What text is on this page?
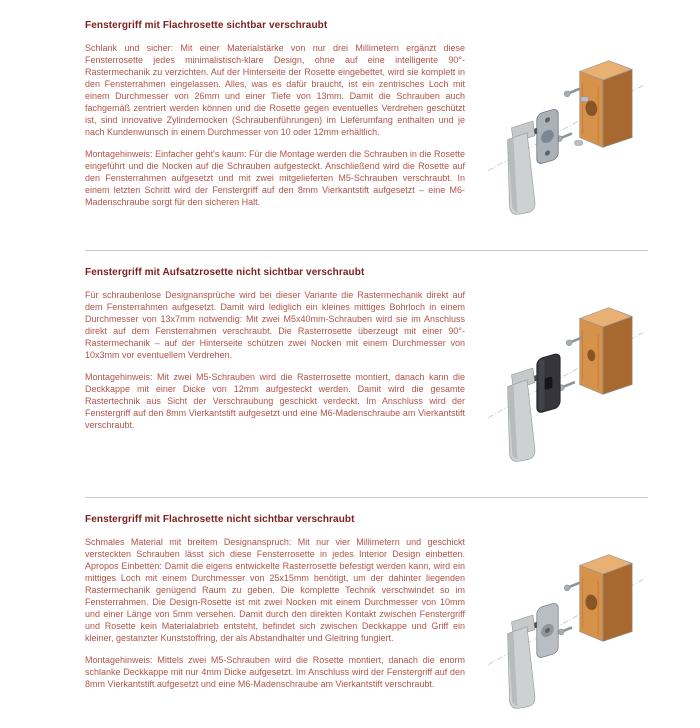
Fenstergriff mit Flachrosette sichtbar verschraubt

Schlank und sicher: Mit einer Materialstärke von nur drei Millimetern ergänzt diese Fensterrosette jedes minimalistisch-klare Design, ohne auf eine intelligente 90°-Rastermechanik zu verzichten. Auf der Hinterseite der Rosette eingebettet, wird sie komplett in den Fensterrahmen eingelassen. Alles, was es dafür braucht, ist ein zentrisches Loch mit einem Durchmesser von 26mm und einer Tiefe von 13mm. Damit die Schrauben auch fachgemäß zentriert werden können und die Rosette gegen eventuelles Verdrehen geschützt ist, sind innovative Zylindernocken (Schraubenführungen) im Lieferumfang enthalten und je nach Kundenwunsch in einem Durchmesser von 10 oder 12mm erhältlich.

Montagehinweis: Einfacher geht's kaum: Für die Montage werden die Schrauben in die Rosette eingeführt und die Nocken auf die Schrauben aufgesteckt. Anschließend wird die Rosette auf den Fensterrahmen aufgesetzt und mit zwei mitgelieferten M5-Schrauben verschraubt. In einem letzten Schritt wird der Fenstergriff auf den 8mm Vierkantstift aufgesetzt – eine M6-Madenschraube sorgt für den sicheren Halt.

Fenstergriff mit Aufsatzrosette nicht sichtbar verschraubt

Für schraubenlose Designansprüche wird bei dieser Variante die Rastermechanik direkt auf dem Fensterrahmen aufgesetzt. Damit wird lediglich ein kleines mittiges Bohrloch in einem Durchmesser von 13x7mm notwendig: Mit zwei M5x40mm-Schrauben wird sie im Anschluss direkt auf dem Fensterrahmen verschraubt. Die Rasterrosette überzeugt mit einer 90°-Rastermechanik – auf der Hinterseite schützen zwei Nocken mit einem Durchmesser von 10x3mm vor eventuellem Verdrehen.

Montagehinweis: Mit zwei M5-Schrauben wird die Rasterrosette montiert, danach kann die Deckkappe mit einer Dicke von 12mm aufgesteckt werden. Damit wird die gesamte Rastertechnik aus Sicht der Verschraubung geschickt verdeckt. Im Anschluss wird der Fenstergriff auf den 8mm Vierkantstift aufgesetzt und eine M6-Madenschraube am Vierkantstift verschraubt.

Fenstergriff mit Flachrosette nicht sichtbar verschraubt

Schmales Material mit breitem Designanspruch: Mit nur vier Millimetern und geschickt versteckten Schrauben lässt sich diese Fensterrosette in jedes Interior Design einbetten. Apropos Einbetten: Damit die eigens entwickelte Rasterrosette befestigt werden kann, wird ein mittiges Loch mit einem Durchmesser von 25x15mm benötigt, um der dahinter liegenden Rastermechanik genügend Raum zu geben. Die komplette Technik verschwindet so im Fensterrahmen. Die Design-Rosette ist mit zwei Nocken mit einem Durchmesser von 10mm und einer Länge von 5mm versehen. Damit durch den direkten Kontakt zwischen Fenstergriff und Rosette kein Materialabrieb entsteht, befindet sich zwischen Deckkappe und Griff ein kleiner, gestanzter Kunststoffring, der als Abstandhalter und Gleitring fungiert.

Montagehinweis: Mittels zwei M5-Schrauben wird die Rosette montiert, danach die enorm schlanke Deckkappe mit nur 4mm Dicke aufgesetzt. Im Anschluss wird der Fenstergriff auf den 8mm Vierkantstift aufgesetzt und eine M6-Madenschraube am Vierkantstift verschraubt.
